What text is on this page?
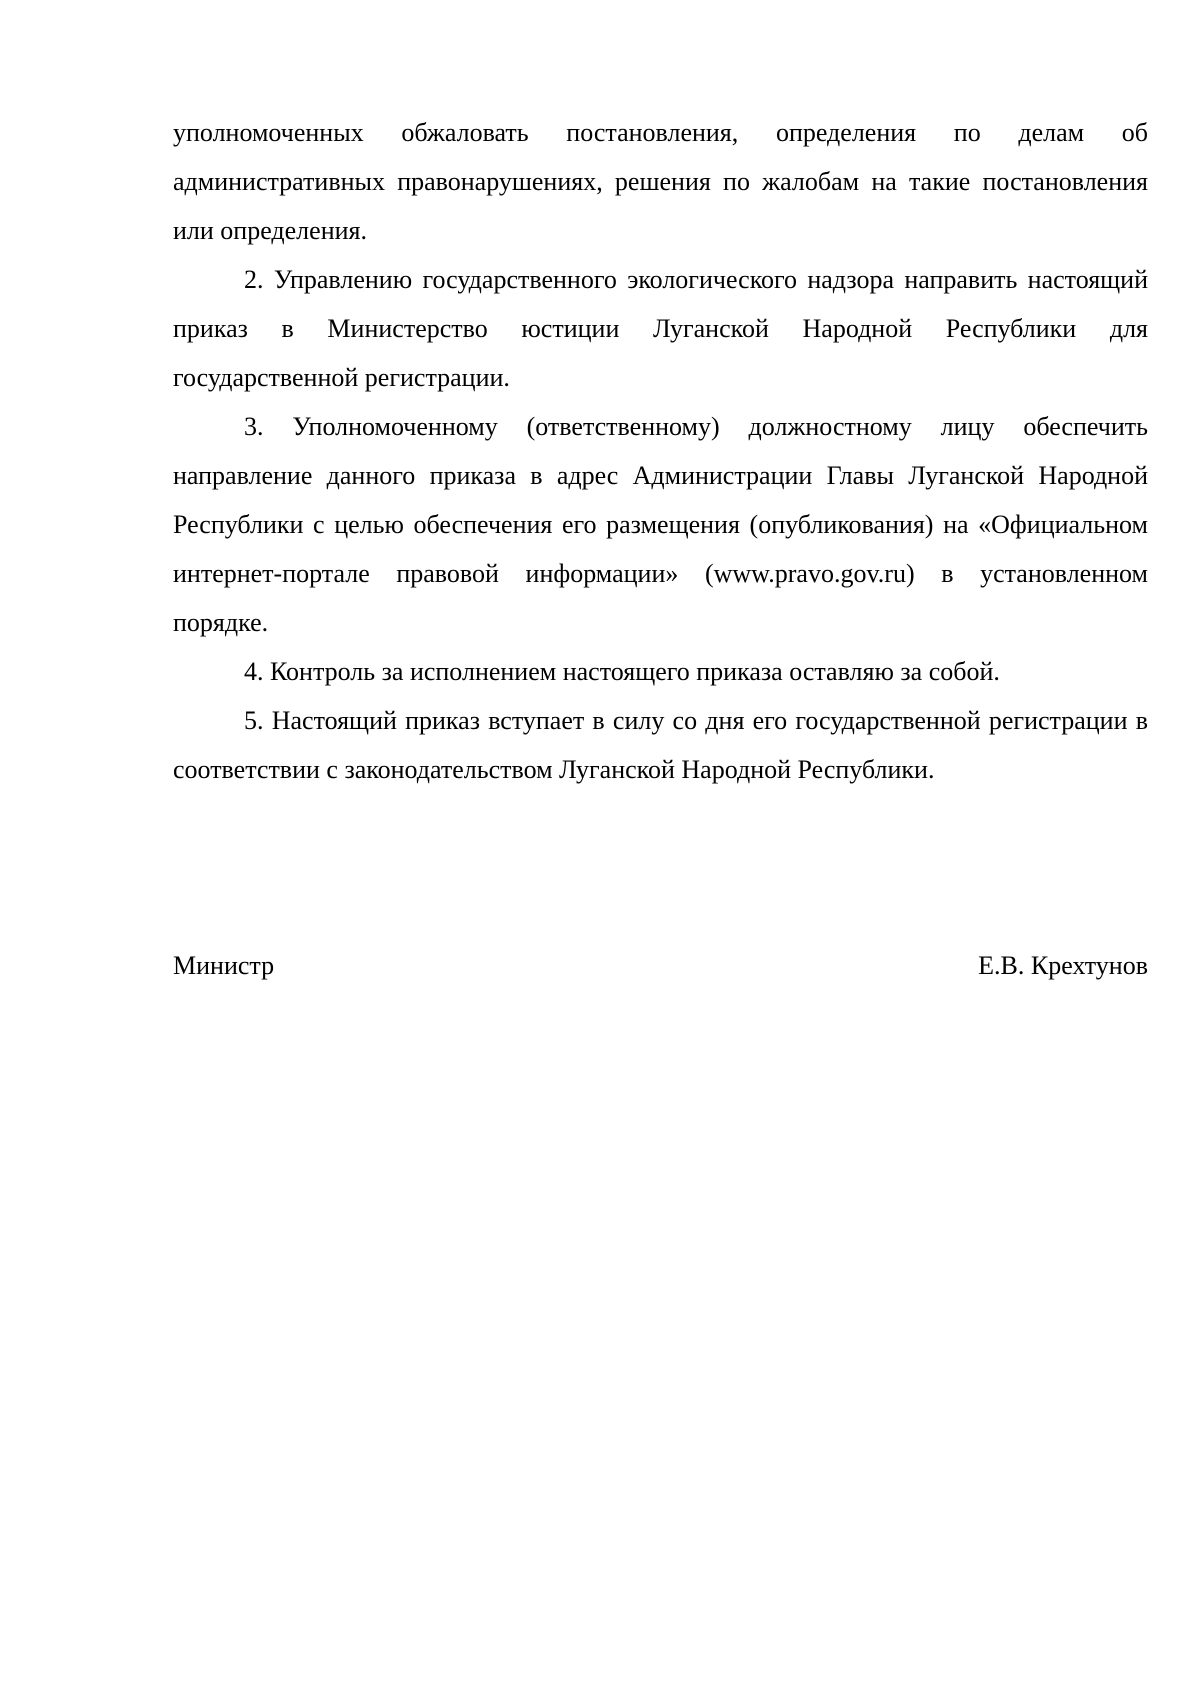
уполномоченных обжаловать постановления, определения по делам об административных правонарушениях, решения по жалобам на такие постановления или определения.

2. Управлению государственного экологического надзора направить настоящий приказ в Министерство юстиции Луганской Народной Республики для государственной регистрации.

3. Уполномоченному (ответственному) должностному лицу обеспечить направление данного приказа в адрес Администрации Главы Луганской Народной Республики с целью обеспечения его размещения (опубликования) на «Официальном интернет-портале правовой информации» (www.pravo.gov.ru) в установленном порядке.

4. Контроль за исполнением настоящего приказа оставляю за собой.

5. Настоящий приказ вступает в силу со дня его государственной регистрации в соответствии с законодательством Луганской Народной Республики.

Министр	Е.В. Крехтунов
